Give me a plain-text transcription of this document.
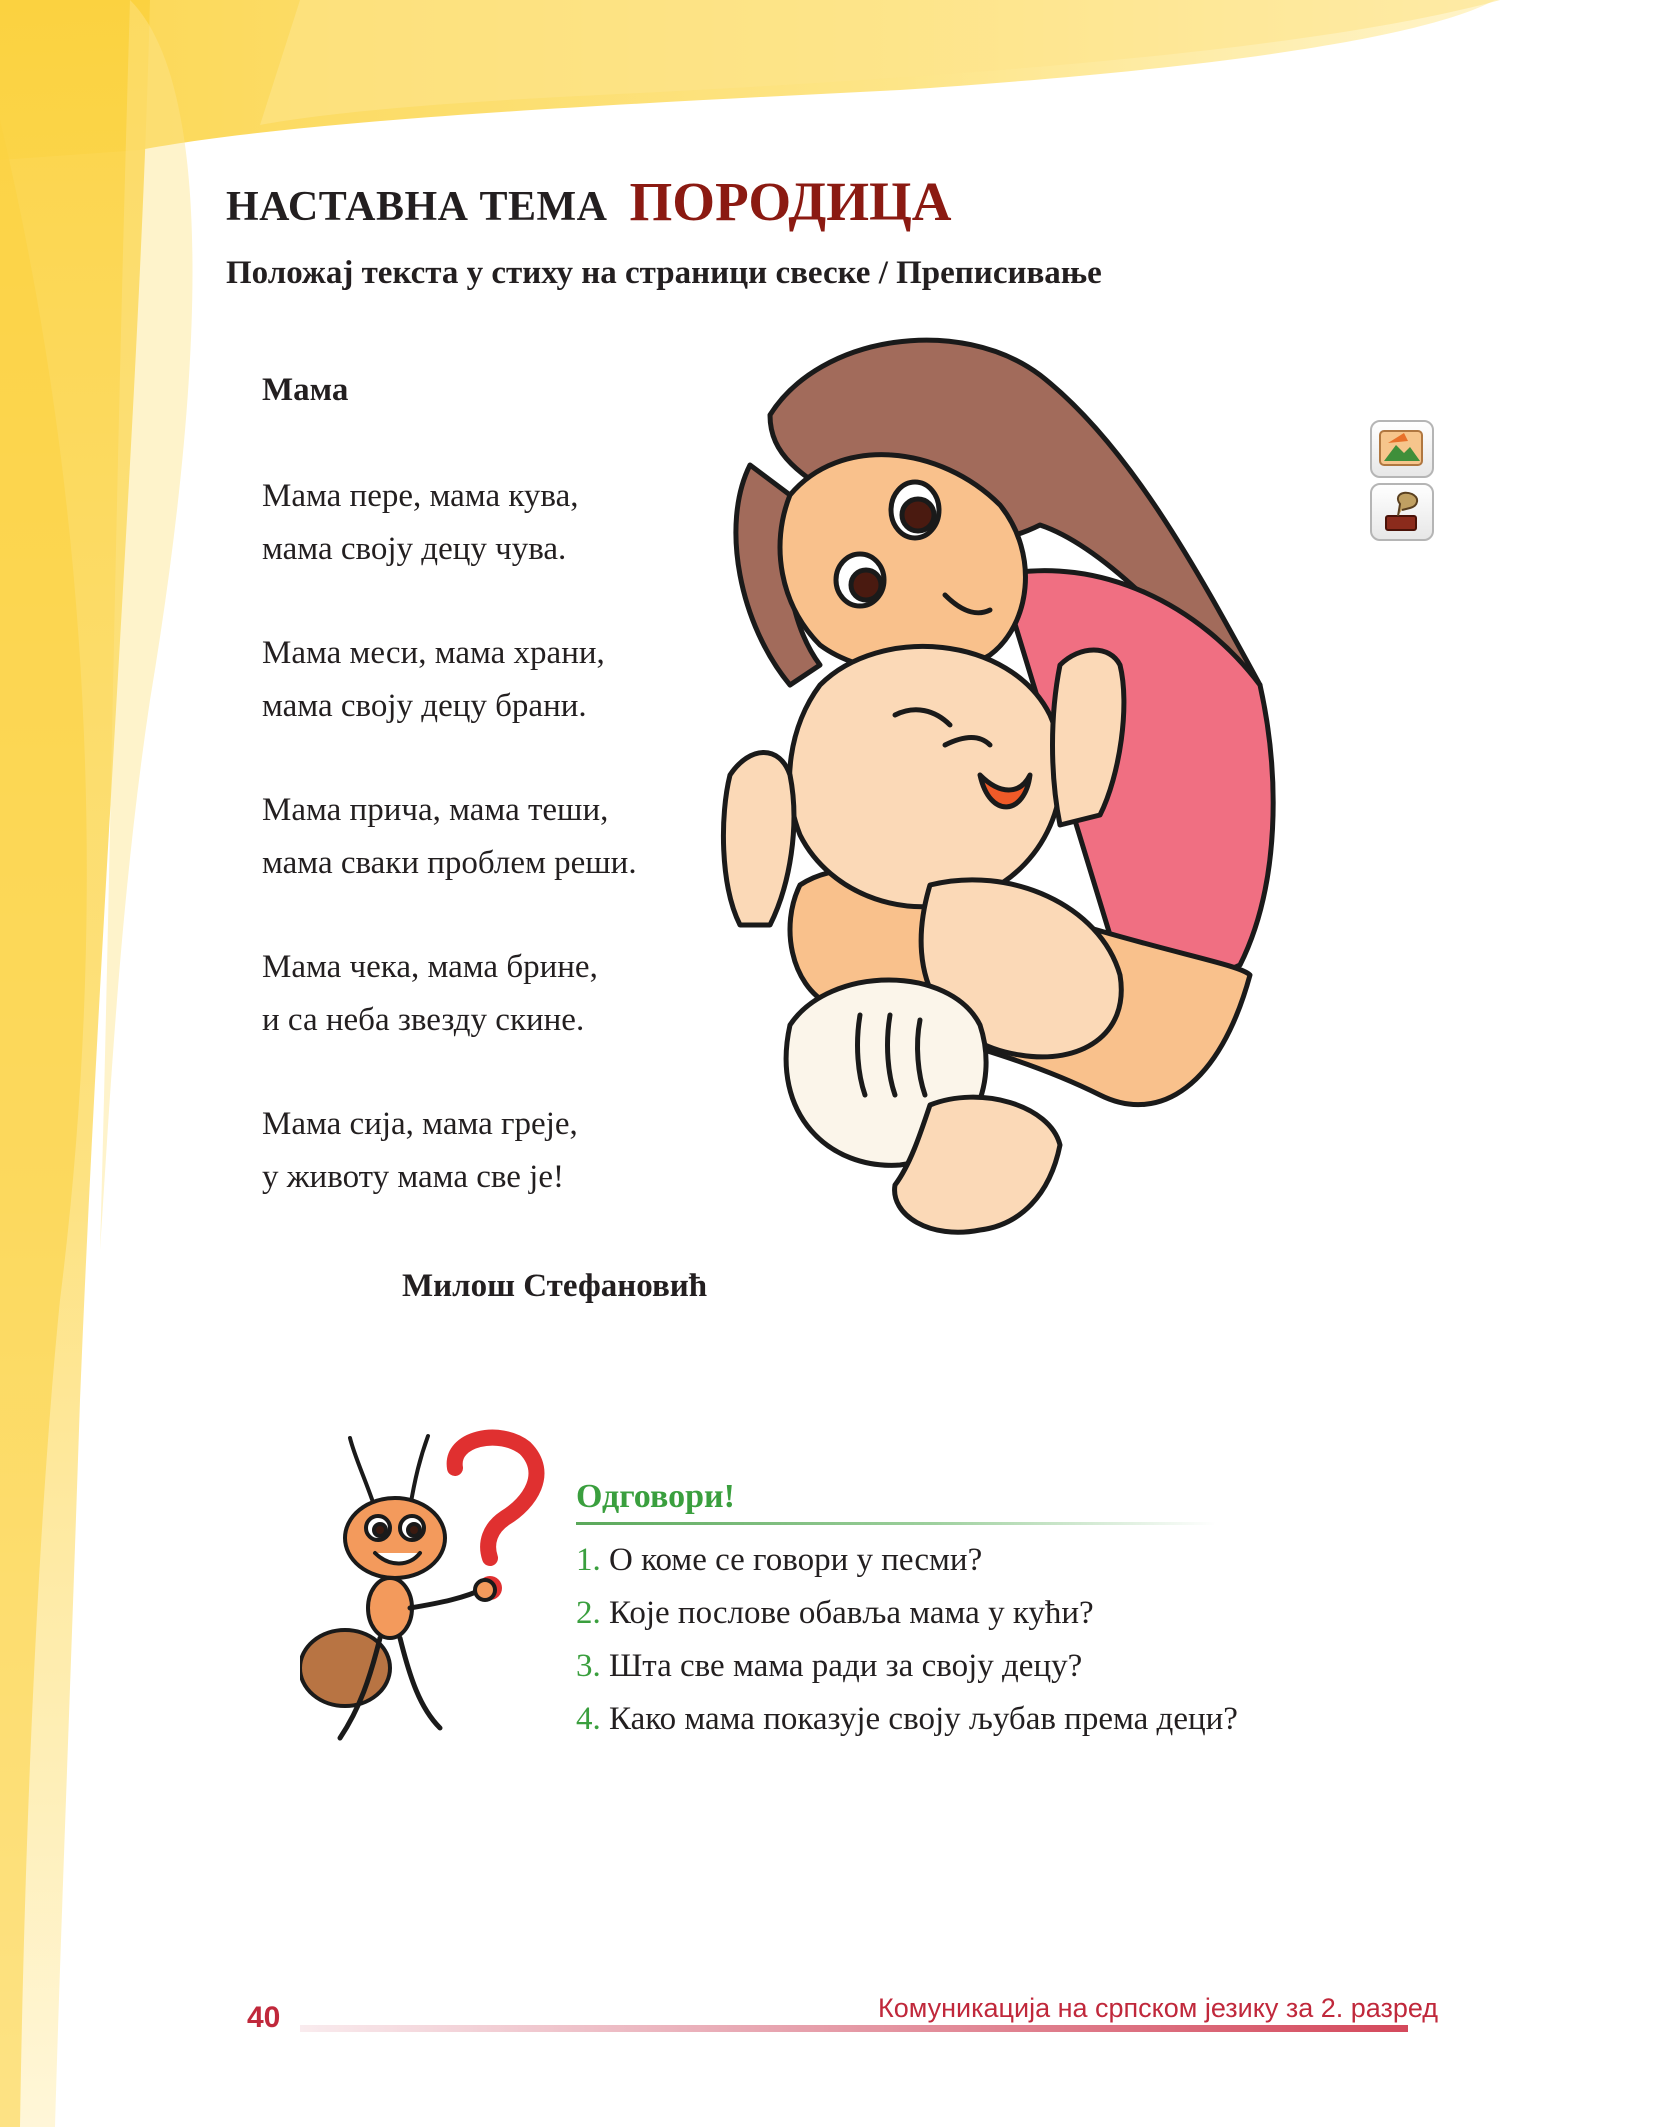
НАСТАВНА ТЕМА ПОРОДИЦА
Положај текста у стиху на страници свеске / Преписивање
Мама
Мама пере, мама кува,
мама своју децу чува.
Мама меси, мама храни,
мама своју децу брани.
Мама прича, мама теши,
мама сваки проблем реши.
Мама чека, мама брине,
и са неба звезду скине.
Мама сија, мама греје,
у животу мама све је!
Милош Стефановић
Одговори!
1. О коме се говори у песми?
2. Које послове обавља мама у кући?
3. Шта све мама ради за своју децу?
4. Како мама показује своју љубав према деци?
40	Комуникација на српском језику за 2. разред
